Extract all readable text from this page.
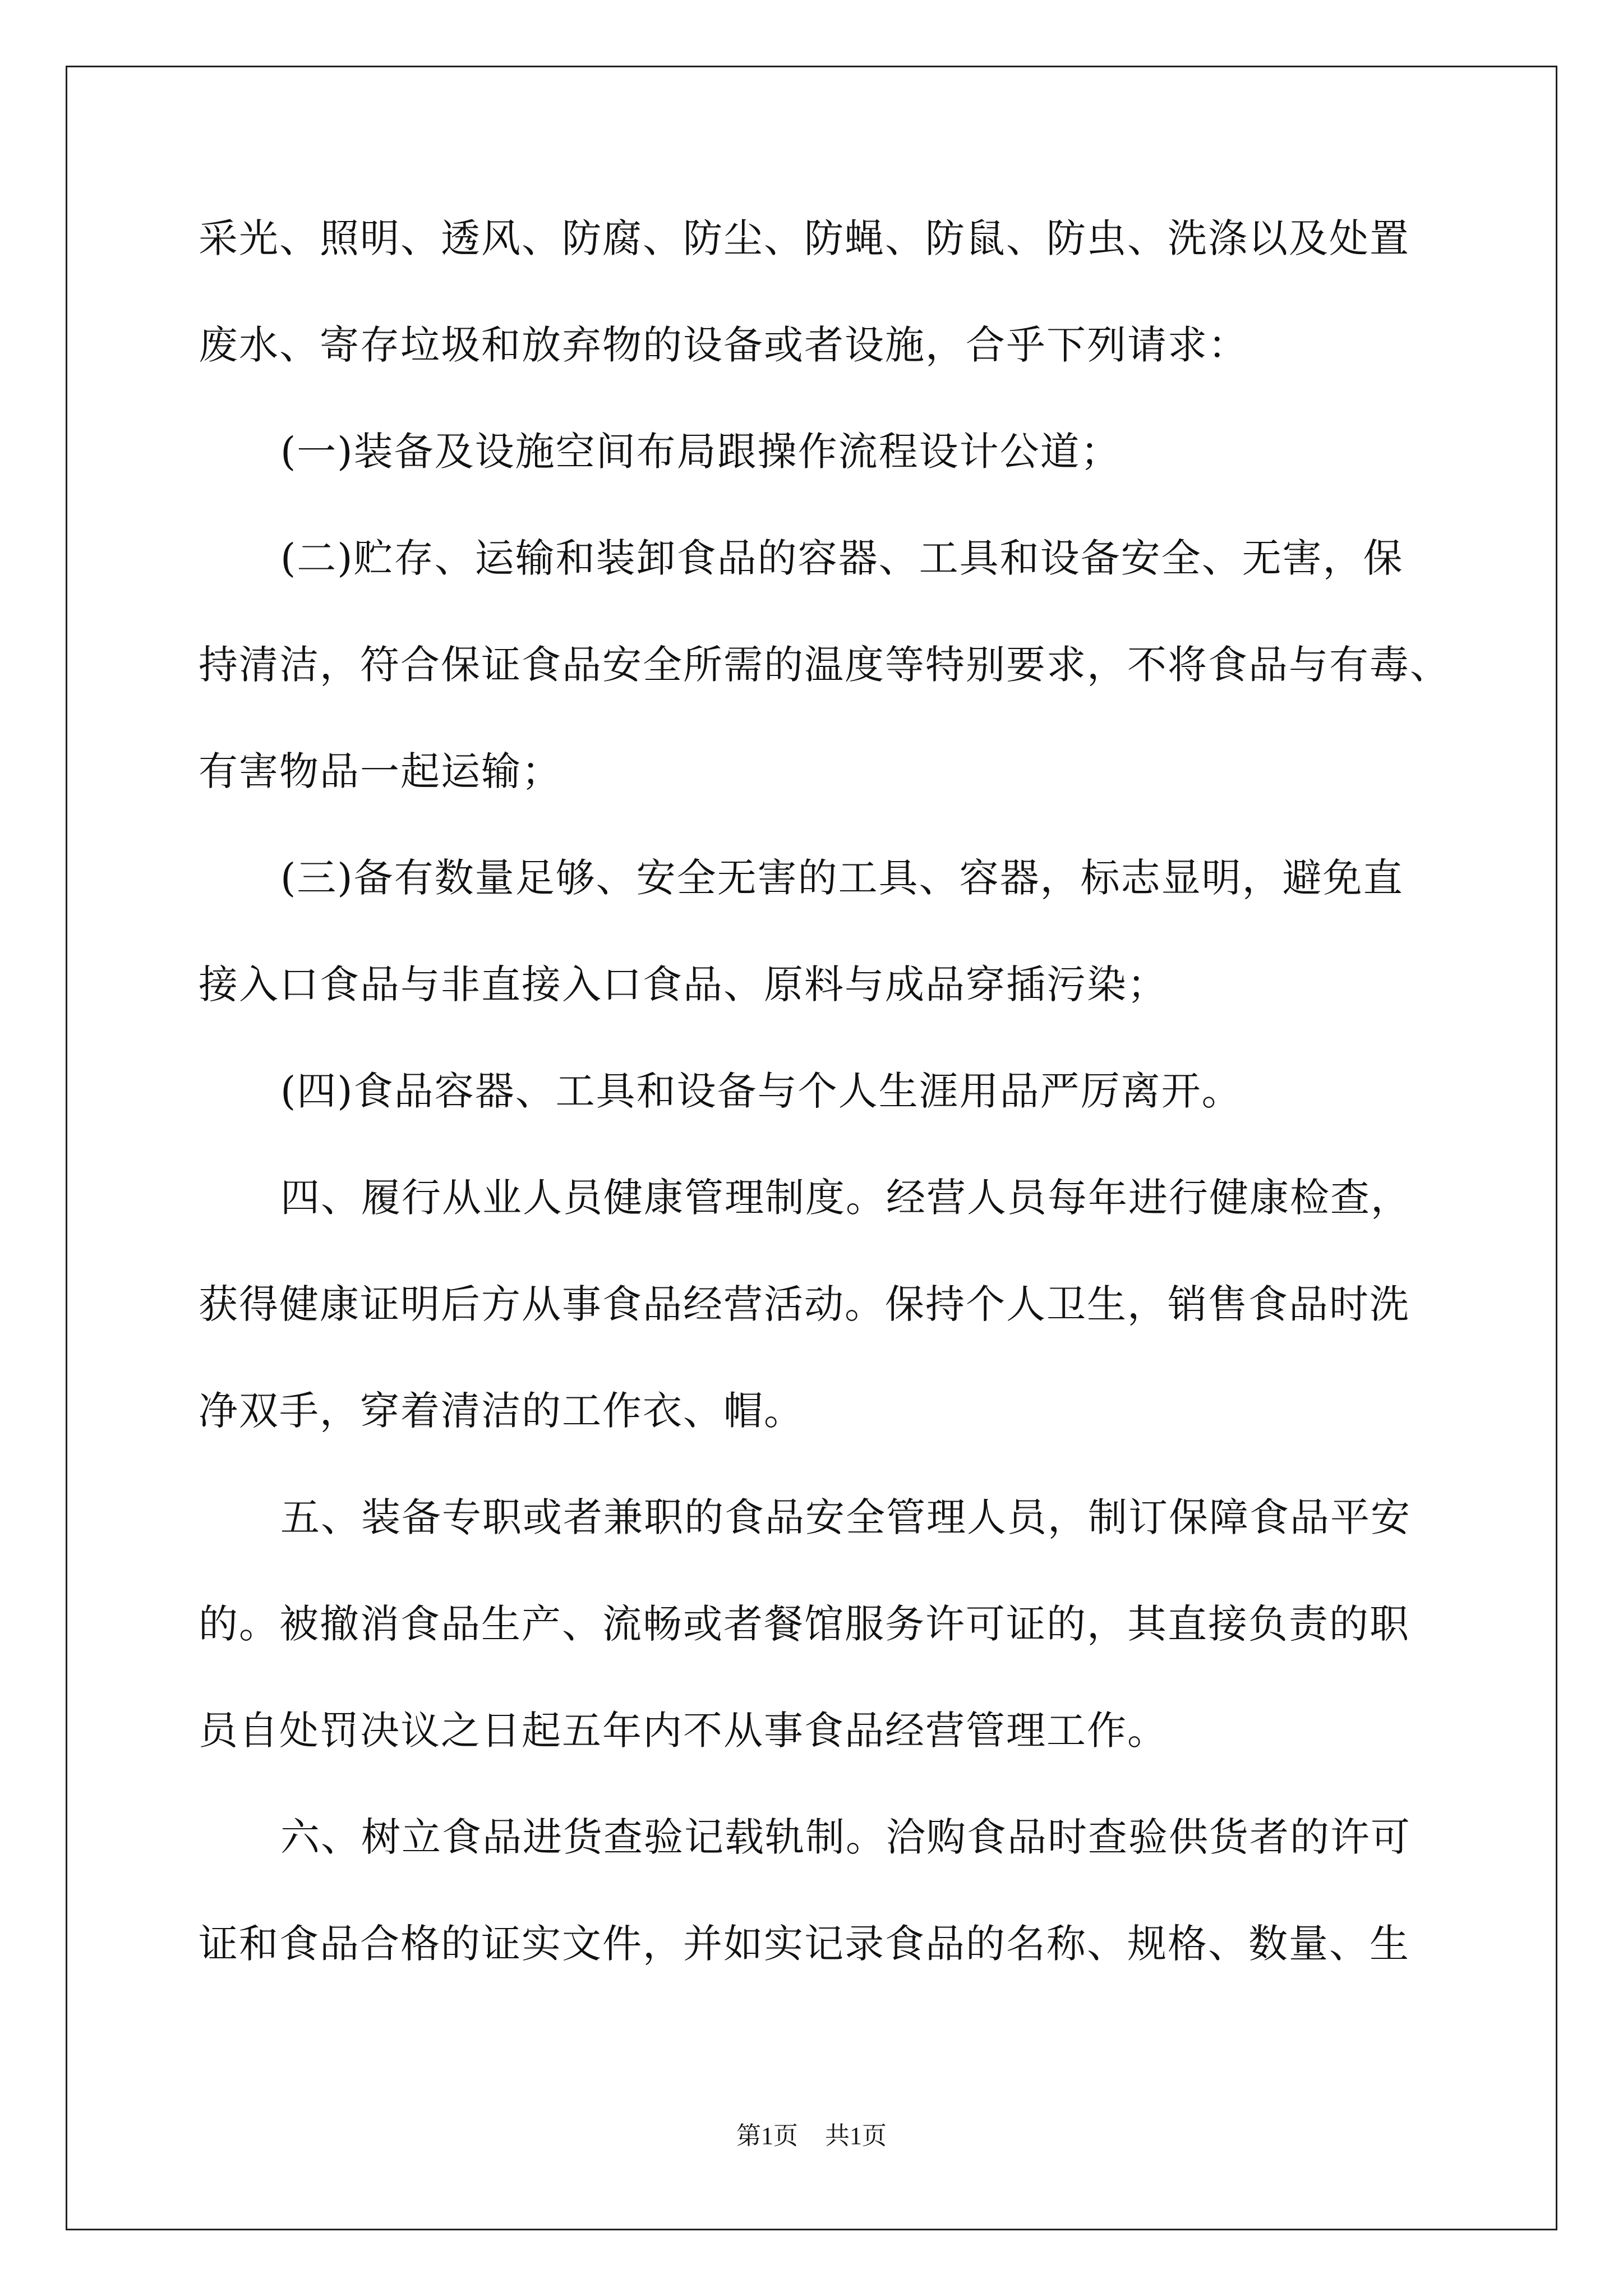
采光、照明、透风、防腐、防尘、防蝇、防鼠、防虫、洗涤以及处置
废水、寄存垃圾和放弃物的设备或者设施，合乎下列请求：
(一)装备及设施空间布局跟操作流程设计公道；
(二)贮存、运输和装卸食品的容器、工具和设备安全、无害，保
持清洁，符合保证食品安全所需的温度等特别要求，不将食品与有毒、
有害物品一起运输；
(三)备有数量足够、安全无害的工具、容器，标志显明，避免直
接入口食品与非直接入口食品、原料与成品穿插污染；
(四)食品容器、工具和设备与个人生涯用品严厉离开。
四、履行从业人员健康管理制度。经营人员每年进行健康检查，
获得健康证明后方从事食品经营活动。保持个人卫生，销售食品时洗
净双手，穿着清洁的工作衣、帽。
五、装备专职或者兼职的食品安全管理人员，制订保障食品平安
的。被撤消食品生产、流畅或者餐馆服务许可证的，其直接负责的职
员自处罚决议之日起五年内不从事食品经营管理工作。
六、树立食品进货查验记载轨制。洽购食品时查验供货者的许可
证和食品合格的证实文件，并如实记录食品的名称、规格、数量、生
第1页 共1页
